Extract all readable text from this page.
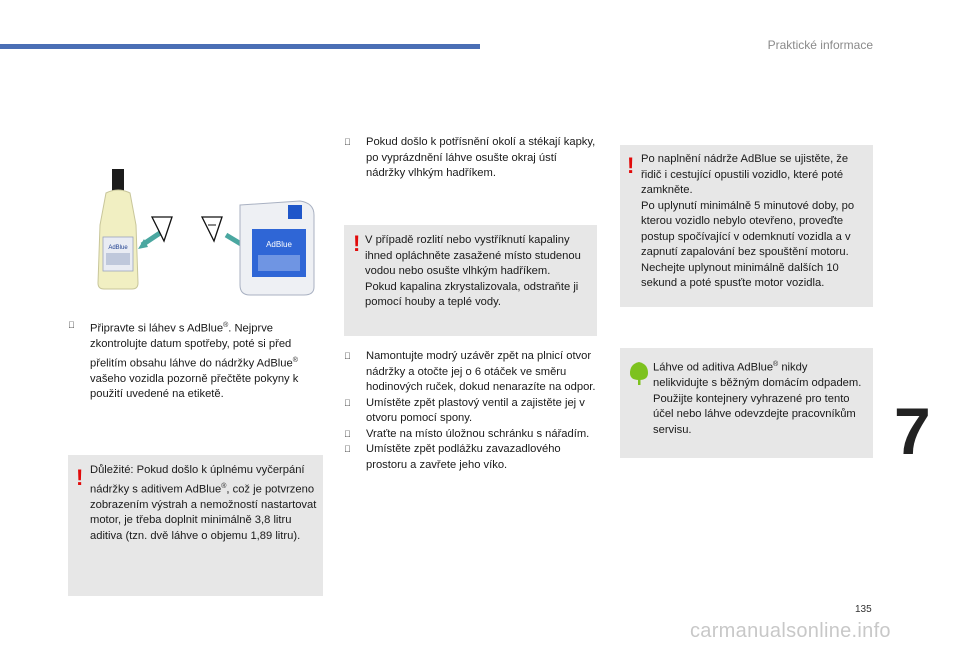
Praktické informace
AdBlue	AdBlue

Připravte si láhev s AdBlue®. Nejprve zkontrolujte datum spotřeby, poté si před přelitím obsahu láhve do nádržky AdBlue® vašeho vozidla pozorně přečtěte pokyny k použití uvedené na etiketě.

! Důležité: Pokud došlo k úplnému vyčerpání nádržky s aditivem AdBlue®, což je potvrzeno zobrazením výstrah a nemožností nastartovat motor, je třeba doplnit minimálně 3,8 litru aditiva (tzn. dvě láhve o objemu 1,89 litru).

Pokud došlo k potřísnění okolí a stékají kapky, po vyprázdnění láhve osušte okraj ústí nádržky vlhkým hadříkem.

! V případě rozlití nebo vystříknutí kapaliny ihned opláchněte zasažené místo studenou vodou nebo osušte vlhkým hadříkem.
Pokud kapalina zkrystalizovala, odstraňte ji pomocí houby a teplé vody.

Namontujte modrý uzávěr zpět na plnicí otvor nádržky a otočte jej o 6 otáček ve směru hodinových ruček, dokud nenarazíte na odpor.

Umístěte zpět plastový ventil a zajistěte jej v otvoru pomocí spony.

Vraťte na místo úložnou schránku s nářadím.

Umístěte zpět podlážku zavazadlového prostoru a zavřete jeho víko.

! Po naplnění nádrže AdBlue se ujistěte, že řidič i cestující opustili vozidlo, které poté zamkněte.
Po uplynutí minimálně 5 minutové doby, po kterou vozidlo nebylo otevřeno, proveďte postup spočívající v odemknutí vozidla a v zapnutí zapalování bez spouštění motoru.
Nechejte uplynout minimálně dalších 10 sekund a poté spusťte motor vozidla.
Láhve od aditiva AdBlue® nikdy nelikvidujte s běžným domácím odpadem. Použijte kontejnery vyhrazené pro tento účel nebo láhve odevzdejte pracovníkům servisu.	7
135
carmanualsonline.info
